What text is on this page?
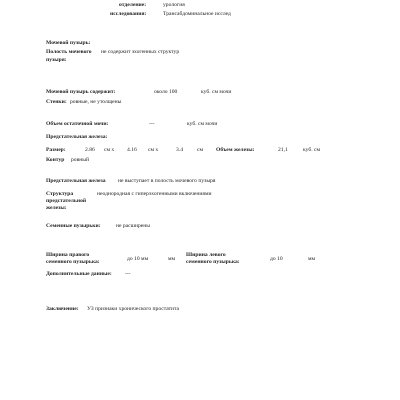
отделение:	урология
исследования:	Трансабдоминальное исслед
Мочевой пузырь:
Полость мочевого не содержит эхогенных структур
пузыря:
Мочевой пузырь содержит:	около 100	куб. см мочи
Стенки: ровные, не утолщены
Объем остаточной мочи:	---	куб. см мочи
Предстательная железа:
Размер:	2.86 см х 4.16 см х	3.4	см Объем железы:	21,1	куб. см
Контур ровный
Предстательная железа не выступает в полость мочевого пузыря
Структура	неоднородная с гиперэхогенными включениями
предстательной
железы:
Семенные пузырьки:	не расширены
Ширина правого
семенного пузырька:	до 10 мм	мм
Ширина левого
семенного пузырька:	до 10	мм
Дополнительные данные: ---
Заключение: УЗ признаки хронического простатита
